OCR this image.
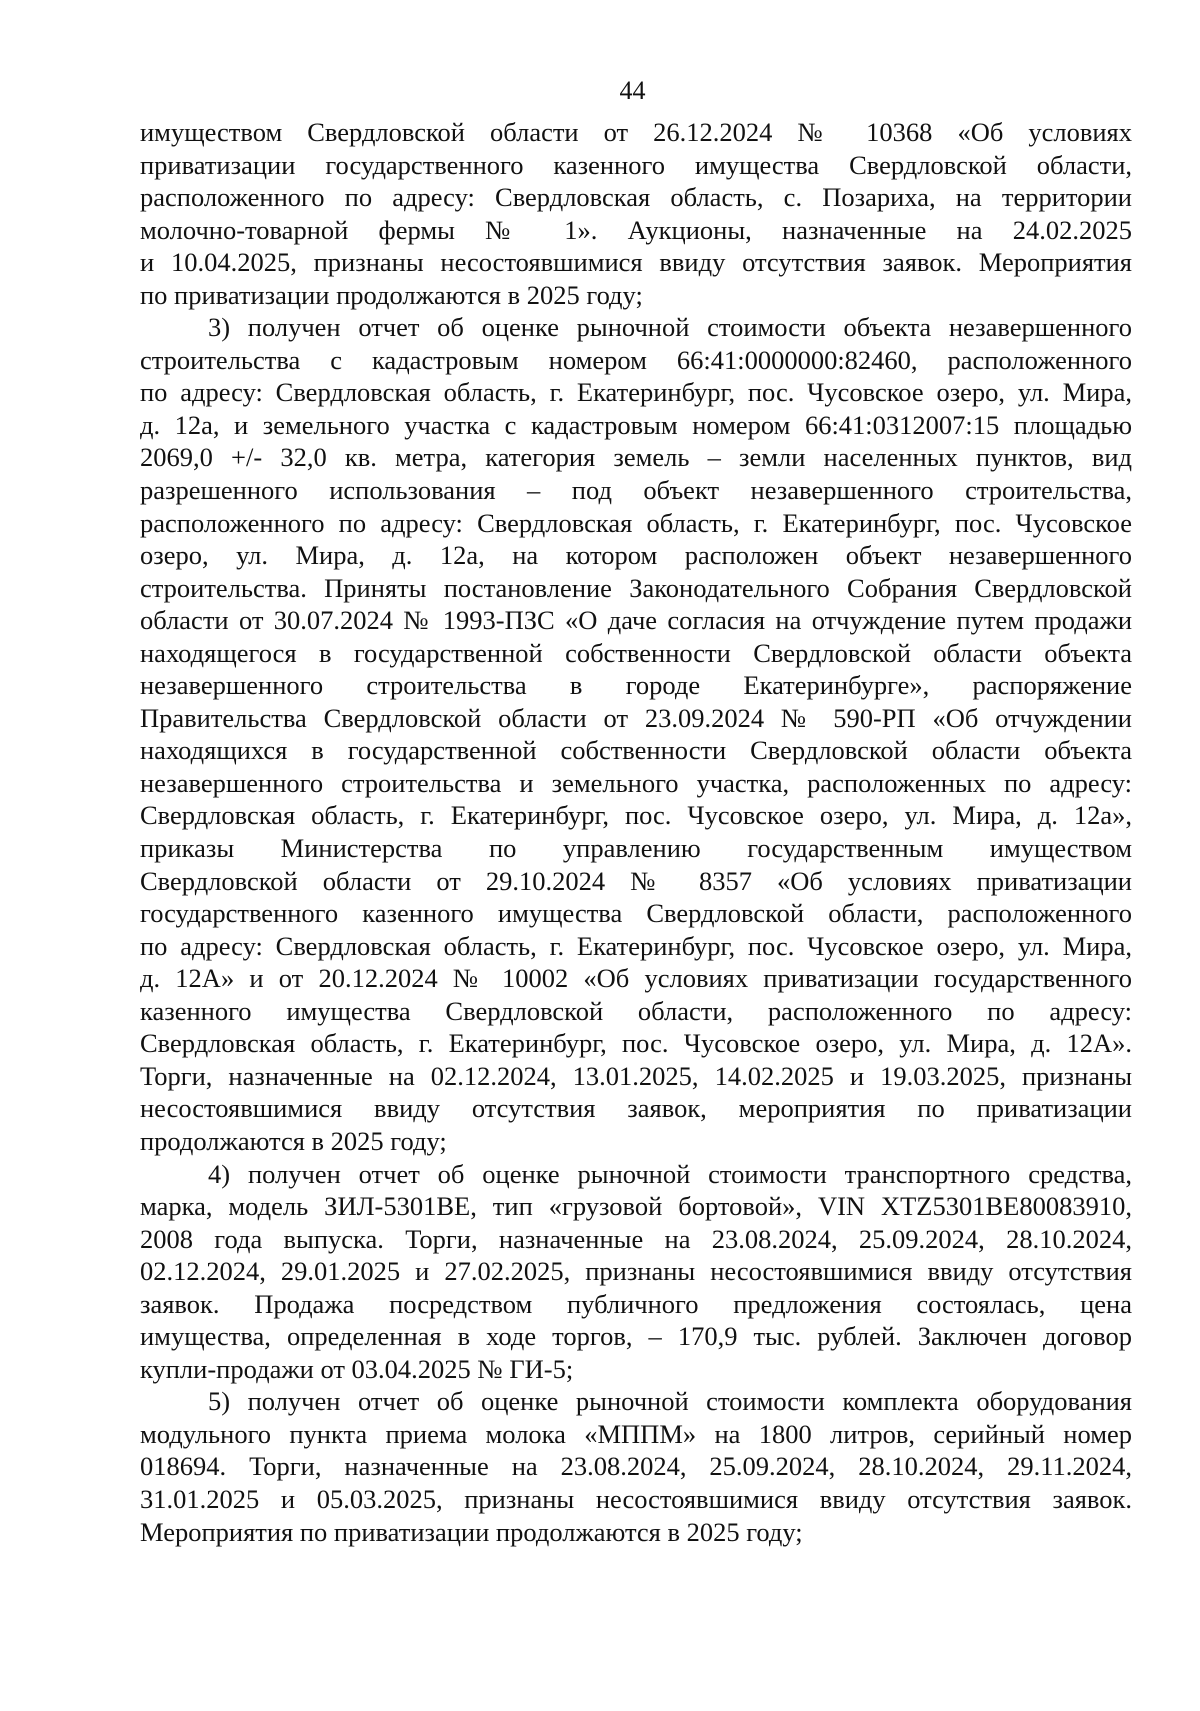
44
имуществом Свердловской области от 26.12.2024 № 10368 «Об условиях
приватизации государственного казенного имущества Свердловской области,
расположенного по адресу: Свердловская область, с. Позариха, на территории
молочно-товарной фермы № 1». Аукционы, назначенные на 24.02.2025
и 10.04.2025, признаны несостоявшимися ввиду отсутствия заявок. Мероприятия
по приватизации продолжаются в 2025 году;
3) получен отчет об оценке рыночной стоимости объекта незавершенного
строительства с кадастровым номером 66:41:0000000:82460, расположенного
по адресу: Свердловская область, г. Екатеринбург, пос. Чусовское озеро, ул. Мира,
д. 12а, и земельного участка с кадастровым номером 66:41:0312007:15 площадью
2069,0 +/- 32,0 кв. метра, категория земель – земли населенных пунктов, вид
разрешенного использования – под объект незавершенного строительства,
расположенного по адресу: Свердловская область, г. Екатеринбург, пос. Чусовское
озеро, ул. Мира, д. 12а, на котором расположен объект незавершенного
строительства. Приняты постановление Законодательного Собрания Свердловской
области от 30.07.2024 № 1993-ПЗС «О даче согласия на отчуждение путем продажи
находящегося в государственной собственности Свердловской области объекта
незавершенного строительства в городе Екатеринбурге», распоряжение
Правительства Свердловской области от 23.09.2024 № 590-РП «Об отчуждении
находящихся в государственной собственности Свердловской области объекта
незавершенного строительства и земельного участка, расположенных по адресу:
Свердловская область, г. Екатеринбург, пос. Чусовское озеро, ул. Мира, д. 12а»,
приказы Министерства по управлению государственным имуществом
Свердловской области от 29.10.2024 № 8357 «Об условиях приватизации
государственного казенного имущества Свердловской области, расположенного
по адресу: Свердловская область, г. Екатеринбург, пос. Чусовское озеро, ул. Мира,
д. 12А» и от 20.12.2024 № 10002 «Об условиях приватизации государственного
казенного имущества Свердловской области, расположенного по адресу:
Свердловская область, г. Екатеринбург, пос. Чусовское озеро, ул. Мира, д. 12А».
Торги, назначенные на 02.12.2024, 13.01.2025, 14.02.2025 и 19.03.2025, признаны
несостоявшимися ввиду отсутствия заявок, мероприятия по приватизации
продолжаются в 2025 году;
4) получен отчет об оценке рыночной стоимости транспортного средства,
марка, модель ЗИЛ-5301ВЕ, тип «грузовой бортовой», VIN XTZ5301BE80083910,
2008 года выпуска. Торги, назначенные на 23.08.2024, 25.09.2024, 28.10.2024,
02.12.2024, 29.01.2025 и 27.02.2025, признаны несостоявшимися ввиду отсутствия
заявок. Продажа посредством публичного предложения состоялась, цена
имущества, определенная в ходе торгов, – 170,9 тыс. рублей. Заключен договор
купли-продажи от 03.04.2025 № ГИ-5;
5) получен отчет об оценке рыночной стоимости комплекта оборудования
модульного пункта приема молока «МППМ» на 1800 литров, серийный номер
018694. Торги, назначенные на 23.08.2024, 25.09.2024, 28.10.2024, 29.11.2024,
31.01.2025 и 05.03.2025, признаны несостоявшимися ввиду отсутствия заявок.
Мероприятия по приватизации продолжаются в 2025 году;
